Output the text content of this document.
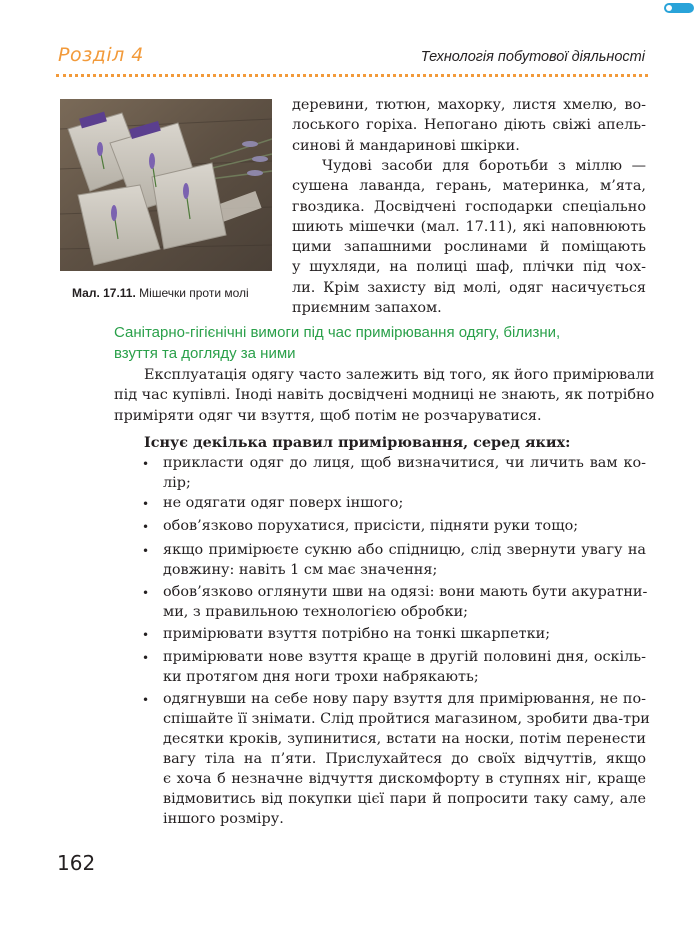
Розділ 4	Технологія побутової діяльності
Мал. 17.11. Мішечки проти молі
деревини, тютюн, махорку, листя хмелю, во-
лоського горіха. Непогано діють свіжі апель-
синові й мандаринові шкірки.
Чудові засоби для боротьби з міллю —
сушена лаванда, герань, материнка, м’ята,
гвоздика. Досвідчені господарки спеціально
шиють мішечки (мал. 17.11), які наповнюють
цими запашними рослинами й поміщають
у шухляди, на полиці шаф, плічки під чох-
ли. Крім захисту від молі, одяг насичується
приємним запахом.
Санітарно-гігієнічні вимоги під час примірювання одягу, білизни,
взуття та догляду за ними
Експлуатація одягу часто залежить від того, як його примірювали
під час купівлі. Іноді навіть досвідчені модниці не знають, як потрібно
приміряти одяг чи взуття, щоб потім не розчаруватися.
Існує декілька правил примірювання, серед яких:
• прикласти одяг до лиця, щоб визначитися, чи личить вам ко-
лір;
• не одягати одяг поверх іншого;
• обов’язково порухатися, присісти, підняти руки тощо;
• якщо примірюєте сукню або спідницю, слід звернути увагу на
довжину: навіть 1 см має значення;
• обов’язково оглянути шви на одязі: вони мають бути акуратни-
ми, з правильною технологією обробки;
• примірювати взуття потрібно на тонкі шкарпетки;
• примірювати нове взуття краще в другій половині дня, оскіль-
ки протягом дня ноги трохи набрякають;
• одягнувши на себе нову пару взуття для примірювання, не по-
спішайте її знімати. Слід пройтися магазином, зробити два-три
десятки кроків, зупинитися, встати на носки, потім перенести
вагу тіла на п’яти. Прислухайтеся до своїх відчуттів, якщо
є хоча б незначне відчуття дискомфорту в ступнях ніг, краще
відмовитись від покупки цієї пари й попросити таку саму, але
іншого розміру.
162
